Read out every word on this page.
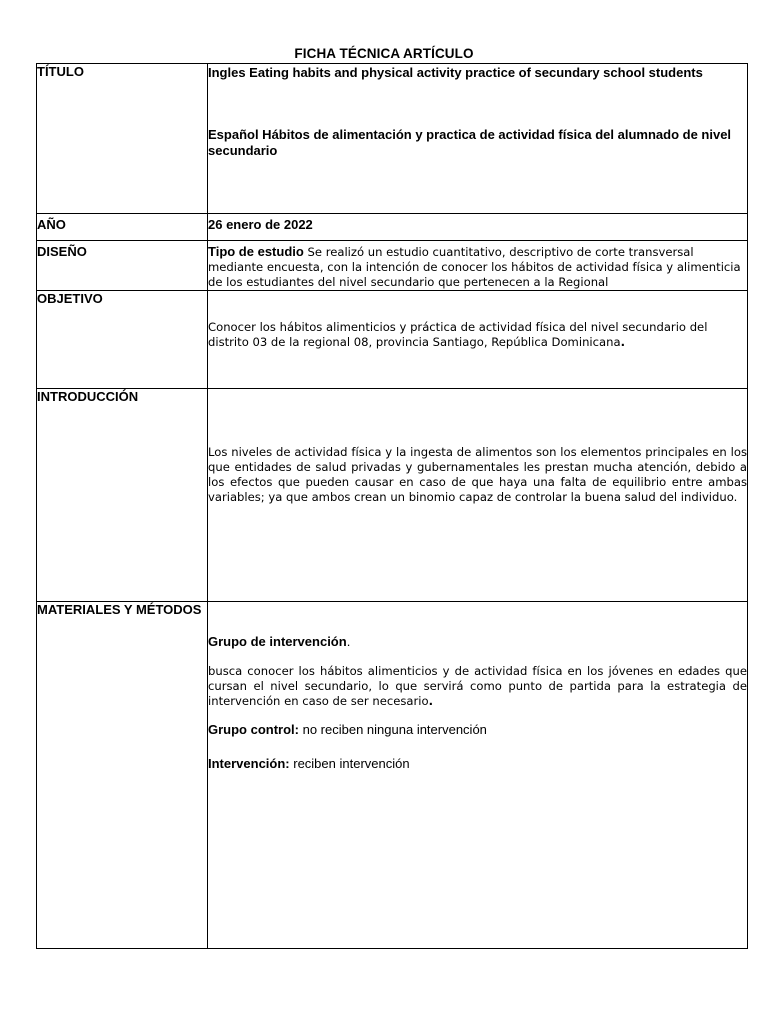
FICHA TÉCNICA ARTÍCULO
TÍTULO	Ingles Eating habits and physical activity practice of secundary school students
Español Hábitos de alimentación y practica de actividad física del alumnado de nivel secundario

AÑO	26 enero de 2022

DISEÑO	Tipo de estudio Se realizó un estudio cuantitativo, descriptivo de corte transversal mediante encuesta, con la intención de conocer los hábitos de actividad física y alimenticia de los estudiantes del nivel secundario que pertenecen a la Regional

OBJETIVO	Conocer los hábitos alimenticios y práctica de actividad física del nivel secundario del distrito 03 de la regional 08, provincia Santiago, República Dominicana.

INTRODUCCIÓN	Los niveles de actividad física y la ingesta de alimentos son los elementos principales en los que entidades de salud privadas y gubernamentales les prestan mucha atención, debido a los efectos que pueden causar en caso de que haya una falta de equilibrio entre ambas variables; ya que ambos crean un binomio capaz de controlar la buena salud del individuo.

MATERIALES Y MÉTODOS	Grupo de intervención.
busca conocer los hábitos alimenticios y de actividad física en los jóvenes en edades que cursan el nivel secundario, lo que servirá como punto de partida para la estrategia de intervención en caso de ser necesario.
Grupo control: no reciben ninguna intervención
Intervención: reciben intervención
